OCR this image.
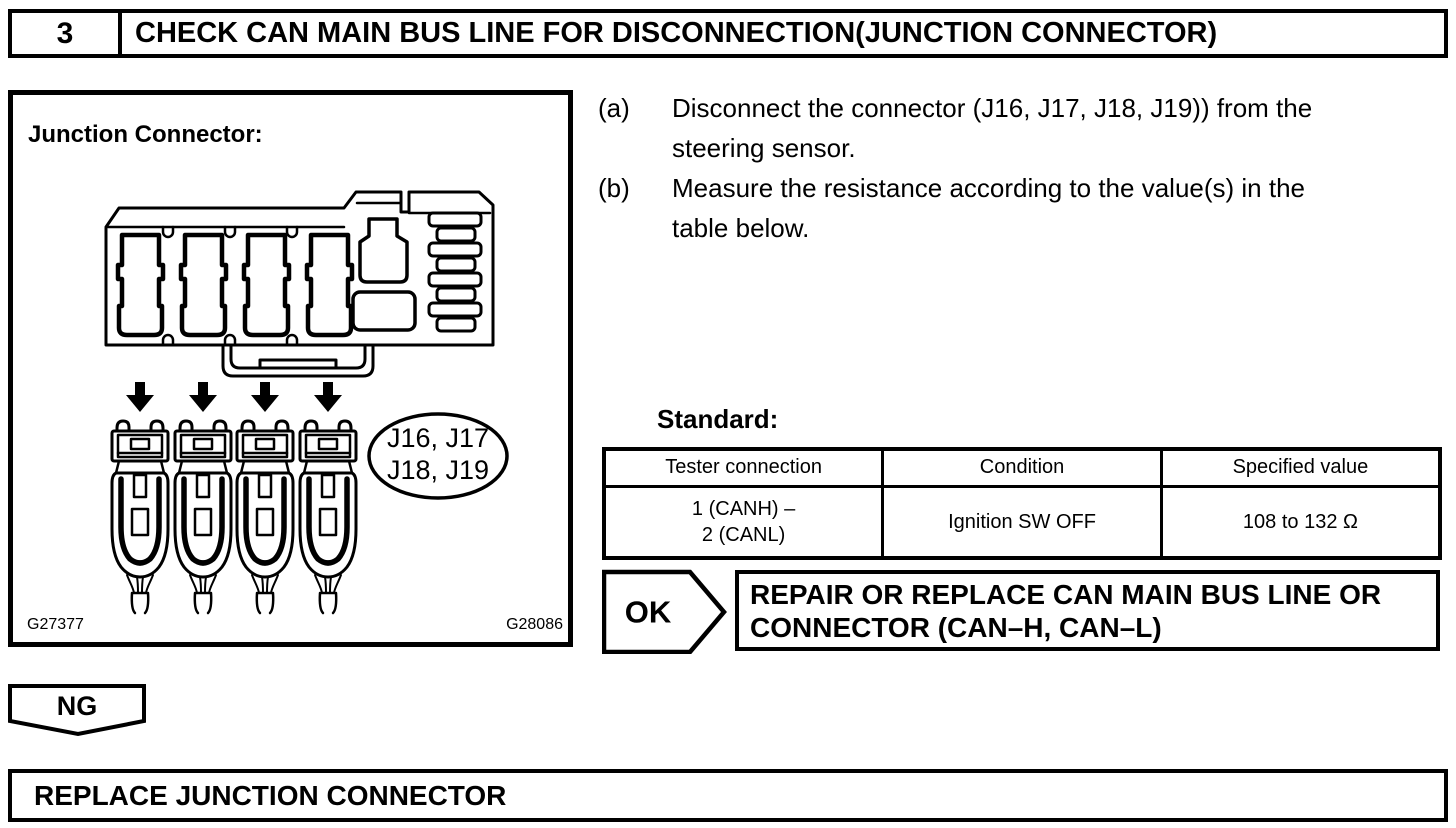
3	CHECK CAN MAIN BUS LINE FOR DISCONNECTION(JUNCTION CONNECTOR)
J16, J17
J18, J19
Junction Connector:
G27377	G28086
(a)	Disconnect the connector (J16, J17, J18, J19)) from the
steering sensor.
(b)	Measure the resistance according to the value(s) in the
table below.
Standard:
Tester connection	Condition	Specified value

1 (CANH) –
2 (CANL)	Ignition SW OFF	108 to 132 Ω
OK
REPAIR OR REPLACE CAN MAIN BUS LINE OR
CONNECTOR (CAN–H, CAN–L)
NG
REPLACE JUNCTION CONNECTOR
